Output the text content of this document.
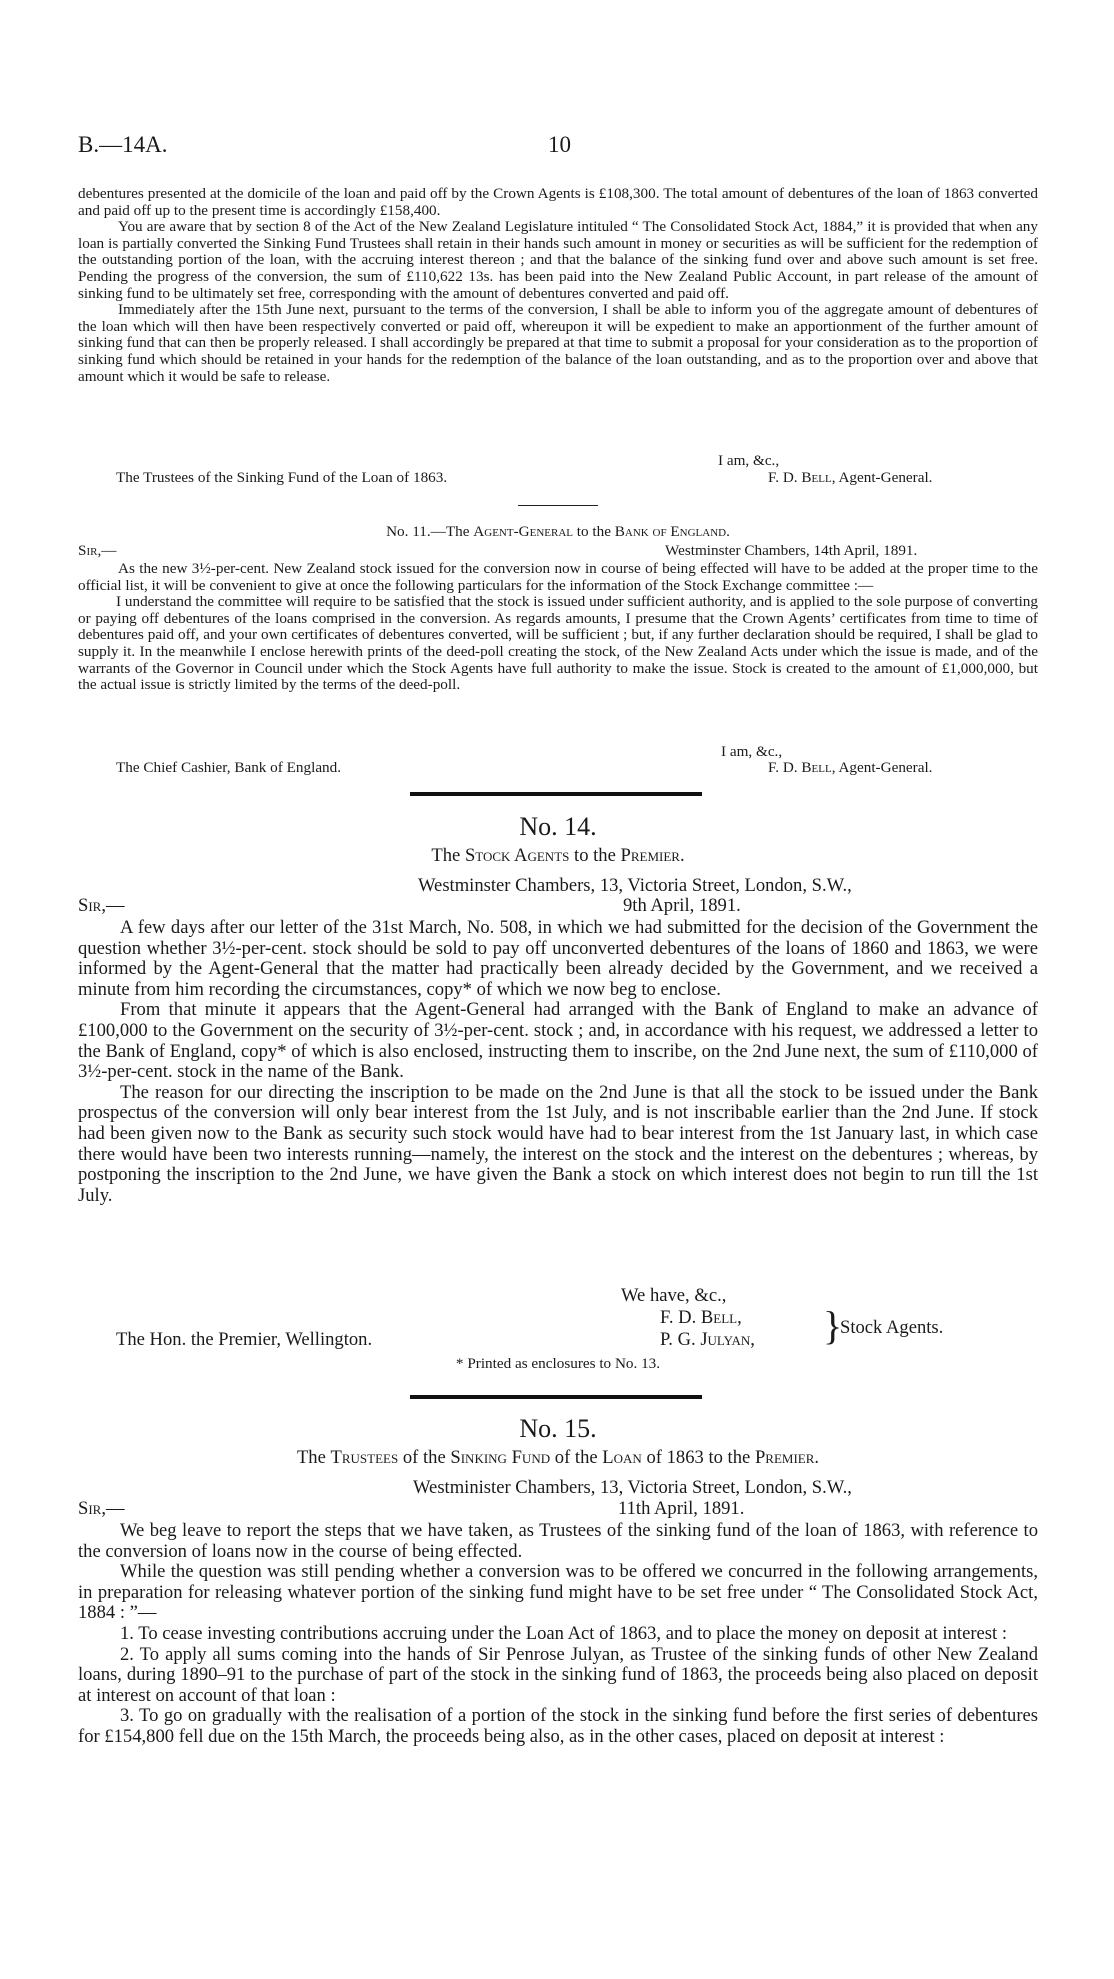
B.—14A.	10

debentures presented at the domicile of the loan and paid off by the Crown Agents is £108,300. The total amount of debentures of the loan of 1863 converted and paid off up to the present time is accordingly £158,400.

You are aware that by section 8 of the Act of the New Zealand Legislature intituled “ The Consolidated Stock Act, 1884,” it is provided that when any loan is partially converted the Sinking Fund Trustees shall retain in their hands such amount in money or securities as will be sufficient for the redemption of the outstanding portion of the loan, with the accruing interest thereon ; and that the balance of the sinking fund over and above such amount is set free. Pending the progress of the conversion, the sum of £110,622 13s. has been paid into the New Zealand Public Account, in part release of the amount of sinking fund to be ultimately set free, corresponding with the amount of debentures converted and paid off.

Immediately after the 15th June next, pursuant to the terms of the conversion, I shall be able to inform you of the aggregate amount of debentures of the loan which will then have been respectively converted or paid off, whereupon it will be expedient to make an apportionment of the further amount of sinking fund that can then be properly released. I shall accordingly be prepared at that time to submit a proposal for your consideration as to the proportion of sinking fund which should be retained in your hands for the redemption of the balance of the loan outstanding, and as to the proportion over and above that amount which it would be safe to release.

I am, &c.,
The Trustees of the Sinking Fund of the Loan of 1863.	F. D. Bell, Agent-General.
No. 11.—The Agent-General to the Bank of England.
Sir,—	Westminster Chambers, 14th April, 1891.

As the new 3½-per-cent. New Zealand stock issued for the conversion now in course of being effected will have to be added at the proper time to the official list, it will be convenient to give at once the following particulars for the information of the Stock Exchange committee :—

I understand the committee will require to be satisfied that the stock is issued under sufficient authority, and is applied to the sole purpose of converting or paying off debentures of the loans comprised in the conversion. As regards amounts, I presume that the Crown Agents’ certificates from time to time of debentures paid off, and your own certificates of debentures converted, will be sufficient ; but, if any further declaration should be required, I shall be glad to supply it. In the meanwhile I enclose herewith prints of the deed-poll creating the stock, of the New Zealand Acts under which the issue is made, and of the warrants of the Governor in Council under which the Stock Agents have full authority to make the issue. Stock is created to the amount of £1,000,000, but the actual issue is strictly limited by the terms of the deed-poll.

I am, &c.,
The Chief Cashier, Bank of England.	F. D. Bell, Agent-General.
No. 14.
The Stock Agents to the Premier.
Westminster Chambers, 13, Victoria Street, London, S.W.,
Sir,—	9th April, 1891.

A few days after our letter of the 31st March, No. 508, in which we had submitted for the decision of the Government the question whether 3½-per-cent. stock should be sold to pay off unconverted debentures of the loans of 1860 and 1863, we were informed by the Agent-General that the matter had practically been already decided by the Government, and we received a minute from him recording the circumstances, copy* of which we now beg to enclose.

From that minute it appears that the Agent-General had arranged with the Bank of England to make an advance of £100,000 to the Government on the security of 3½-per-cent. stock ; and, in accordance with his request, we addressed a letter to the Bank of England, copy* of which is also enclosed, instructing them to inscribe, on the 2nd June next, the sum of £110,000 of 3½-per-cent. stock in the name of the Bank.

The reason for our directing the inscription to be made on the 2nd June is that all the stock to be issued under the Bank prospectus of the conversion will only bear interest from the 1st July, and is not inscribable earlier than the 2nd June. If stock had been given now to the Bank as security such stock would have had to bear interest from the 1st January last, in which case there would have been two interests running—namely, the interest on the stock and the interest on the debentures ; whereas, by postponing the inscription to the 2nd June, we have given the Bank a stock on which interest does not begin to run till the 1st July.

We have, &c.,
F. D. Bell,
The Hon. the Premier, Wellington.	P. G. Julyan, }
Stock Agents.
* Printed as enclosures to No. 13.
No. 15.
The Trustees of the Sinking Fund of the Loan of 1863 to the Premier.
Westminister Chambers, 13, Victoria Street, London, S.W.,
Sir,—	11th April, 1891.

We beg leave to report the steps that we have taken, as Trustees of the sinking fund of the loan of 1863, with reference to the conversion of loans now in the course of being effected.

While the question was still pending whether a conversion was to be offered we concurred in the following arrangements, in preparation for releasing whatever portion of the sinking fund might have to be set free under “ The Consolidated Stock Act, 1884 : ”—

1. To cease investing contributions accruing under the Loan Act of 1863, and to place the money on deposit at interest :

2. To apply all sums coming into the hands of Sir Penrose Julyan, as Trustee of the sinking funds of other New Zealand loans, during 1890–91 to the purchase of part of the stock in the sinking fund of 1863, the proceeds being also placed on deposit at interest on account of that loan :

3. To go on gradually with the realisation of a portion of the stock in the sinking fund before the first series of debentures for £154,800 fell due on the 15th March, the proceeds being also, as in the other cases, placed on deposit at interest :
